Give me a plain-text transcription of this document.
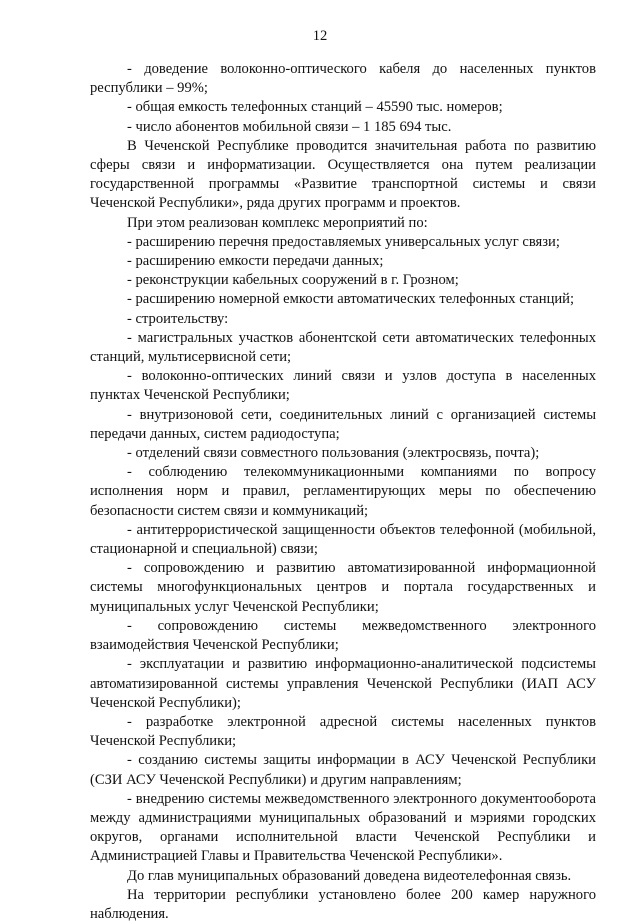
12

- доведение волоконно-оптического кабеля до населенных пунктов республики – 99%;

- общая емкость телефонных станций – 45590 тыс. номеров;

- число абонентов мобильной связи – 1 185 694 тыс.

В Чеченской Республике проводится значительная работа по развитию сферы связи и информатизации. Осуществляется она путем реализации государственной программы «Развитие транспортной системы и связи Чеченской Республики», ряда других программ и проектов.

При этом реализован комплекс мероприятий по:

- расширению перечня предоставляемых универсальных услуг связи;

- расширению емкости передачи данных;

- реконструкции кабельных сооружений в г. Грозном;

- расширению номерной емкости автоматических телефонных станций;

- строительству:

- магистральных участков абонентской сети автоматических телефонных станций, мультисервисной сети;

- волоконно-оптических линий связи и узлов доступа в населенных пунктах Чеченской Республики;

- внутризоновой сети, соединительных линий с организацией системы передачи данных, систем радиодоступа;

- отделений связи совместного пользования (электросвязь, почта);

- соблюдению телекоммуникационными компаниями по вопросу исполнения норм и правил, регламентирующих меры по обеспечению безопасности систем связи и коммуникаций;

- антитеррористической защищенности объектов телефонной (мобильной, стационарной и специальной) связи;

- сопровождению и развитию автоматизированной информационной системы многофункциональных центров и портала государственных и муниципальных услуг Чеченской Республики;

- сопровождению системы межведомственного электронного взаимодействия Чеченской Республики;

- эксплуатации и развитию информационно-аналитической подсистемы автоматизированной системы управления Чеченской Республики (ИАП АСУ Чеченской Республики);

- разработке электронной адресной системы населенных пунктов Чеченской Республики;

- созданию системы защиты информации в АСУ Чеченской Республики (СЗИ АСУ Чеченской Республики) и другим направлениям;

- внедрению системы межведомственного электронного документооборота между администрациями муниципальных образований и мэриями городских округов, органами исполнительной власти Чеченской Республики и Администрацией Главы и Правительства Чеченской Республики».

До глав муниципальных образований доведена видеотелефонная связь.

На территории республики установлено более 200 камер наружного наблюдения.
